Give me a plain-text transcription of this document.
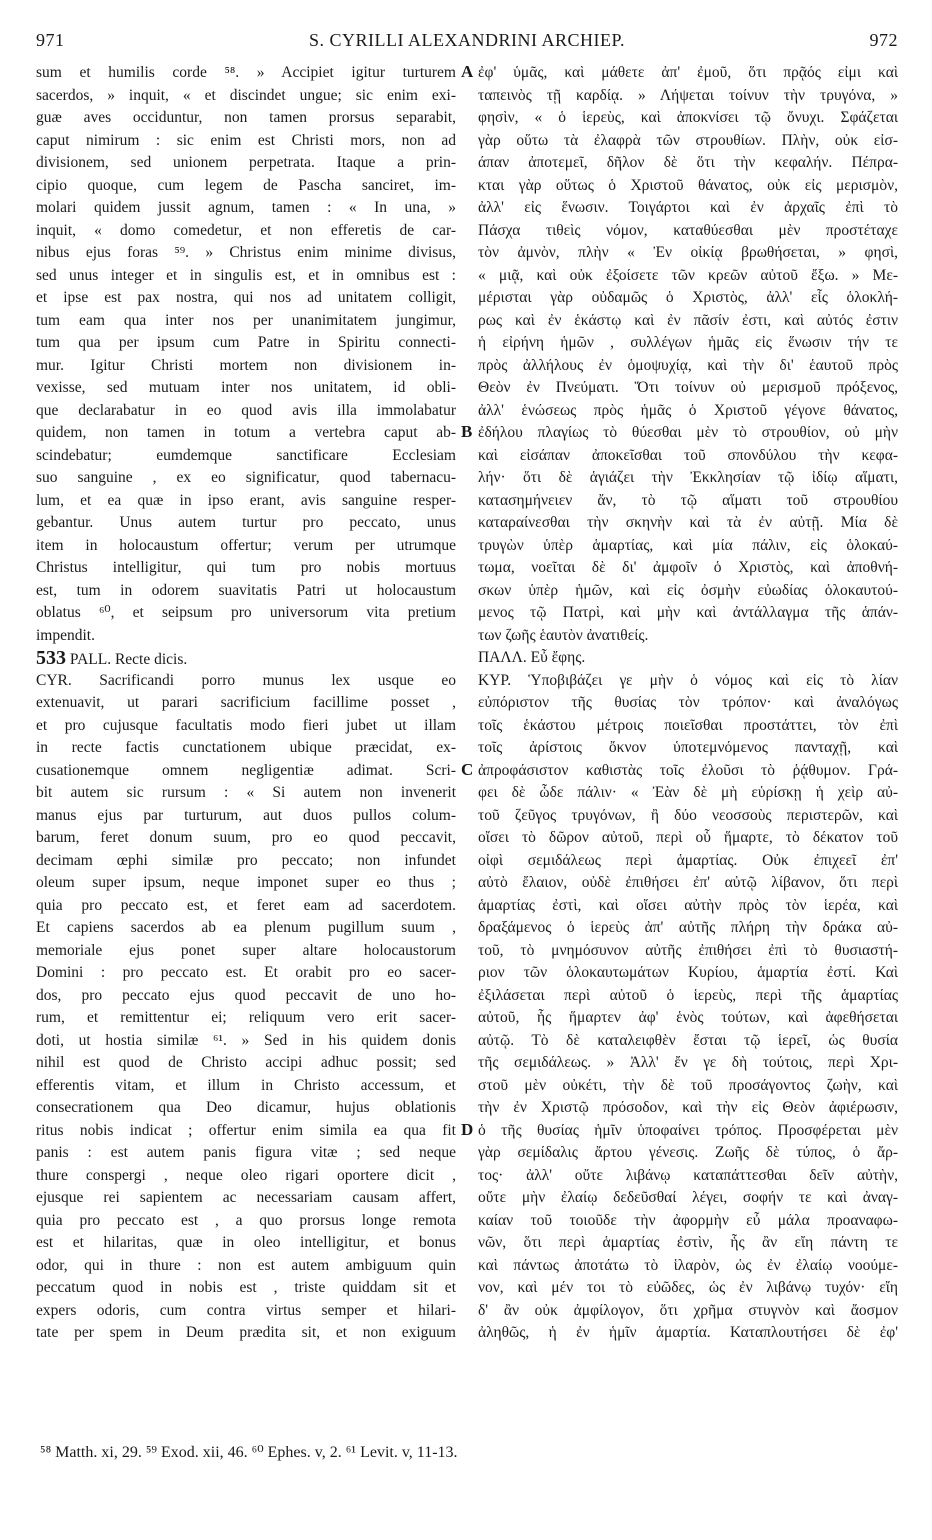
971	S. CYRILLI ALEXANDRINI ARCHIEP.	972
sum et humilis corde ⁵⁸. » Accipiet igitur turturem
sacerdos, » inquit, « et discindet ungue; sic enim exi-
guæ aves occiduntur, non tamen prorsus separabit,
caput nimirum : sic enim est Christi mors, non ad
divisionem, sed unionem perpetrata. Itaque a prin-
cipio quoque, cum legem de Pascha sanciret, im-
molari quidem jussit agnum, tamen : « In una, »
inquit, « domo comedetur, et non efferetis de car-
nibus ejus foras ⁵⁹. » Christus enim minime divisus,
sed unus integer et in singulis est, et in omnibus est :
et ipse est pax nostra, qui nos ad unitatem colligit,
tum eam qua inter nos per unanimitatem jungimur,
tum qua per ipsum cum Patre in Spiritu connecti-
mur. Igitur Christi mortem non divisionem in-
vexisse, sed mutuam inter nos unitatem, id obli-
que declarabatur in eo quod avis illa immolabatur
quidem, non tamen in totum a vertebra caput ab-
scindebatur; eumdemque sanctificare Ecclesiam
suo sanguine , ex eo significatur, quod tabernacu-
lum, et ea quæ in ipso erant, avis sanguine resper-
gebantur. Unus autem turtur pro peccato, unus
item in holocaustum offertur; verum per utrumque
Christus intelligitur, qui tum pro nobis mortuus
est, tum in odorem suavitatis Patri ut holocaustum
oblatus ⁶⁰, et seipsum pro universorum vita pretium
impendit.
533 PALL. Recte dicis.
CYR. Sacrificandi porro munus lex usque eo
extenuavit, ut parari sacrificium facillime posset ,
et pro cujusque facultatis modo fieri jubet ut illam
in recte factis cunctationem ubique præcidat, ex-
cusationemque omnem negligentiæ adimat. Scri-
bit autem sic rursum : « Si autem non invenerit
manus ejus par turturum, aut duos pullos colum-
barum, feret donum suum, pro eo quod peccavit,
decimam œphi similæ pro peccato; non infundet
oleum super ipsum, neque imponet super eo thus ;
quia pro peccato est, et feret eam ad sacerdotem.
Et capiens sacerdos ab ea plenum pugillum suum ,
memoriale ejus ponet super altare holocaustorum
Domini : pro peccato est. Et orabit pro eo sacer-
dos, pro peccato ejus quod peccavit de uno ho-
rum, et remittentur ei; reliquum vero erit sacer-
doti, ut hostia similæ ⁶¹. » Sed in his quidem donis
nihil est quod de Christo accipi adhuc possit; sed
efferentis vitam, et illum in Christo accessum, et
consecrationem qua Deo dicamur, hujus oblationis
ritus nobis indicat ; offertur enim simila ea qua fit
panis : est autem panis figura vitæ ; sed neque
thure conspergi , neque oleo rigari oportere dicit ,
ejusque rei sapientem ac necessariam causam affert,
quia pro peccato est , a quo prorsus longe remota
est et hilaritas, quæ in oleo intelligitur, et bonus
odor, qui in thure : non est autem ambiguum quin
peccatum quod in nobis est , triste quiddam sit et
expers odoris, cum contra virtus semper et hilari-
tate per spem in Deum prædita sit, et non exiguum
ἐφ' ὑμᾶς, καὶ μάθετε ἀπ' ἐμοῦ, ὅτι πρᾷός εἰμι καὶ
ταπεινὸς τῇ καρδίᾳ. » Λήψεται τοίνυν τὴν τρυγόνα, »
φησὶν, « ὁ ἱερεὺς, καὶ ἀποκνίσει τῷ ὄνυχι. Σφάζεται
γὰρ οὕτω τὰ ἐλαφρὰ τῶν στρουθίων. Πλὴν, οὐκ εἰσ-
άπαν ἀποτεμεῖ, δῆλον δὲ ὅτι τὴν κεφαλήν. Πέπρα-
κται γὰρ οὕτως ὁ Χριστοῦ θάνατος, οὐκ εἰς μερισμὸν,
ἀλλ' εἰς ἕνωσιν. Τοιγάρτοι καὶ ἐν ἀρχαῖς ἐπὶ τὸ
Πάσχα τιθεὶς νόμον, καταθύεσθαι μὲν προστέταχε
τὸν ἀμνὸν, πλὴν « Ἐν οἰκίᾳ βρωθήσεται, » φησὶ,
« μιᾷ, καὶ οὐκ ἐξοίσετε τῶν κρεῶν αὐτοῦ ἔξω. » Με-
μέρισται γὰρ οὐδαμῶς ὁ Χριστὸς, ἀλλ' εἷς ὁλοκλή-
ρως καὶ ἐν ἑκάστῳ καὶ ἐν πᾶσίν ἐστι, καὶ αὐτός ἐστιν
ἡ εἰρήνη ἡμῶν , συλλέγων ἡμᾶς εἰς ἕνωσιν τήν τε
πρὸς ἀλλήλους ἐν ὁμοψυχίᾳ, καὶ τὴν δι' ἑαυτοῦ πρὸς
Θεὸν ἐν Πνεύματι. Ὅτι τοίνυν οὐ μερισμοῦ πρόξενος,
ἀλλ' ἑνώσεως πρὸς ἡμᾶς ὁ Χριστοῦ γέγονε θάνατος,
ἐδήλου πλαγίως τὸ θύεσθαι μὲν τὸ στρουθίον, οὐ μὴν
καὶ εἰσάπαν ἀποκεῖσθαι τοῦ σπονδύλου τὴν κεφα-
λήν· ὅτι δὲ ἁγιάζει τὴν Ἐκκλησίαν τῷ ἰδίῳ αἵματι,
κατασημήνειεν ἄν, τὸ τῷ αἵματι τοῦ στρουθίου
καταραίνεσθαι τὴν σκηνὴν καὶ τὰ ἐν αὐτῇ. Μία δὲ
τρυγὼν ὑπὲρ ἁμαρτίας, καὶ μία πάλιν, εἰς ὁλοκαύ-
τωμα, νοεῖται δὲ δι' ἀμφοῖν ὁ Χριστὸς, καὶ ἀποθνή-
σκων ὑπὲρ ἡμῶν, καὶ εἰς ὀσμὴν εὐωδίας ὁλοκαυτού-
μενος τῷ Πατρὶ, καὶ μὴν καὶ ἀντάλλαγμα τῆς ἁπάν-
των ζωῆς ἑαυτὸν ἀνατιθείς.
ΠΑΛΛ. Εὖ ἔφης.
ΚΥΡ. Ὑποβιβάζει γε μὴν ὁ νόμος καὶ εἰς τὸ λίαν
εὐπόριστον τῆς θυσίας τὸν τρόπον· καὶ ἀναλόγως
τοῖς ἑκάστου μέτροις ποιεῖσθαι προστάττει, τὸν ἐπὶ
τοῖς ἀρίστοις ὄκνον ὑποτεμνόμενος πανταχῇ, καὶ
ἀπροφάσιστον καθιστὰς τοῖς ἐλοῦσι τὸ ῥᾴθυμον. Γρά-
φει δὲ ὧδε πάλιν· « Ἐὰν δὲ μὴ εὑρίσκῃ ἡ χεὶρ αὐ-
τοῦ ζεῦγος τρυγόνων, ἢ δύο νεοσσοὺς περιστερῶν, καὶ
οἴσει τὸ δῶρον αὐτοῦ, περὶ οὗ ἥμαρτε, τὸ δέκατον τοῦ
οἰφὶ σεμιδάλεως περὶ ἁμαρτίας. Οὐκ ἐπιχεεῖ ἐπ'
αὐτὸ ἔλαιον, οὐδὲ ἐπιθήσει ἐπ' αὐτῷ λίβανον, ὅτι περὶ
ἁμαρτίας ἐστὶ, καὶ οἴσει αὐτὴν πρὸς τὸν ἱερέα, καὶ
δραξάμενος ὁ ἱερεὺς ἀπ' αὐτῆς πλήρη τὴν δράκα αὐ-
τοῦ, τὸ μνημόσυνον αὐτῆς ἐπιθήσει ἐπὶ τὸ θυσιαστή-
ριον τῶν ὁλοκαυτωμάτων Κυρίου, ἁμαρτία ἐστί. Καὶ
ἐξιλάσεται περὶ αὐτοῦ ὁ ἱερεὺς, περὶ τῆς ἁμαρτίας
αὐτοῦ, ἧς ἥμαρτεν ἀφ' ἑνὸς τούτων, καὶ ἀφεθήσεται
αὐτῷ. Τὸ δὲ καταλειφθὲν ἔσται τῷ ἱερεῖ, ὡς θυσία
τῆς σεμιδάλεως. » Ἀλλ' ἔν γε δὴ τούτοις, περὶ Χρι-
στοῦ μὲν οὐκέτι, τὴν δὲ τοῦ προσάγοντος ζωὴν, καὶ
τὴν ἐν Χριστῷ πρόσοδον, καὶ τὴν εἰς Θεὸν ἀφιέρωσιν,
ὁ τῆς θυσίας ἡμῖν ὑποφαίνει τρόπος. Προσφέρεται μὲν
γὰρ σεμίδαλις ἄρτου γένεσις. Ζωῆς δὲ τύπος, ὁ ἄρ-
τος· ἀλλ' οὔτε λιβάνῳ καταπάττεσθαι δεῖν αὐτὴν,
οὔτε μὴν ἐλαίῳ δεδεῦσθαί λέγει, σοφήν τε καὶ ἀναγ-
καίαν τοῦ τοιοῦδε τὴν ἀφορμὴν εὖ μάλα προαναφω-
νῶν, ὅτι περὶ ἁμαρτίας ἐστὶν, ἧς ἂν εἴη πάντη τε
καὶ πάντως ἀποτάτω τὸ ἱλαρὸν, ὡς ἐν ἐλαίῳ νοούμε-
νον, καὶ μέν τοι τὸ εὐῶδες, ὡς ἐν λιβάνῳ τυχόν· εἴη
δ' ἂν οὐκ ἀμφίλογον, ὅτι χρῆμα στυγνὸν καὶ ἄοσμον
ἀληθῶς, ἡ ἐν ἡμῖν ἁμαρτία. Καταπλουτήσει δὲ ἐφ'
A
B
C
D
⁵⁸ Matth. xi, 29. ⁵⁹ Exod. xii, 46. ⁶⁰ Ephes. v, 2. ⁶¹ Levit. v, 11-13.
